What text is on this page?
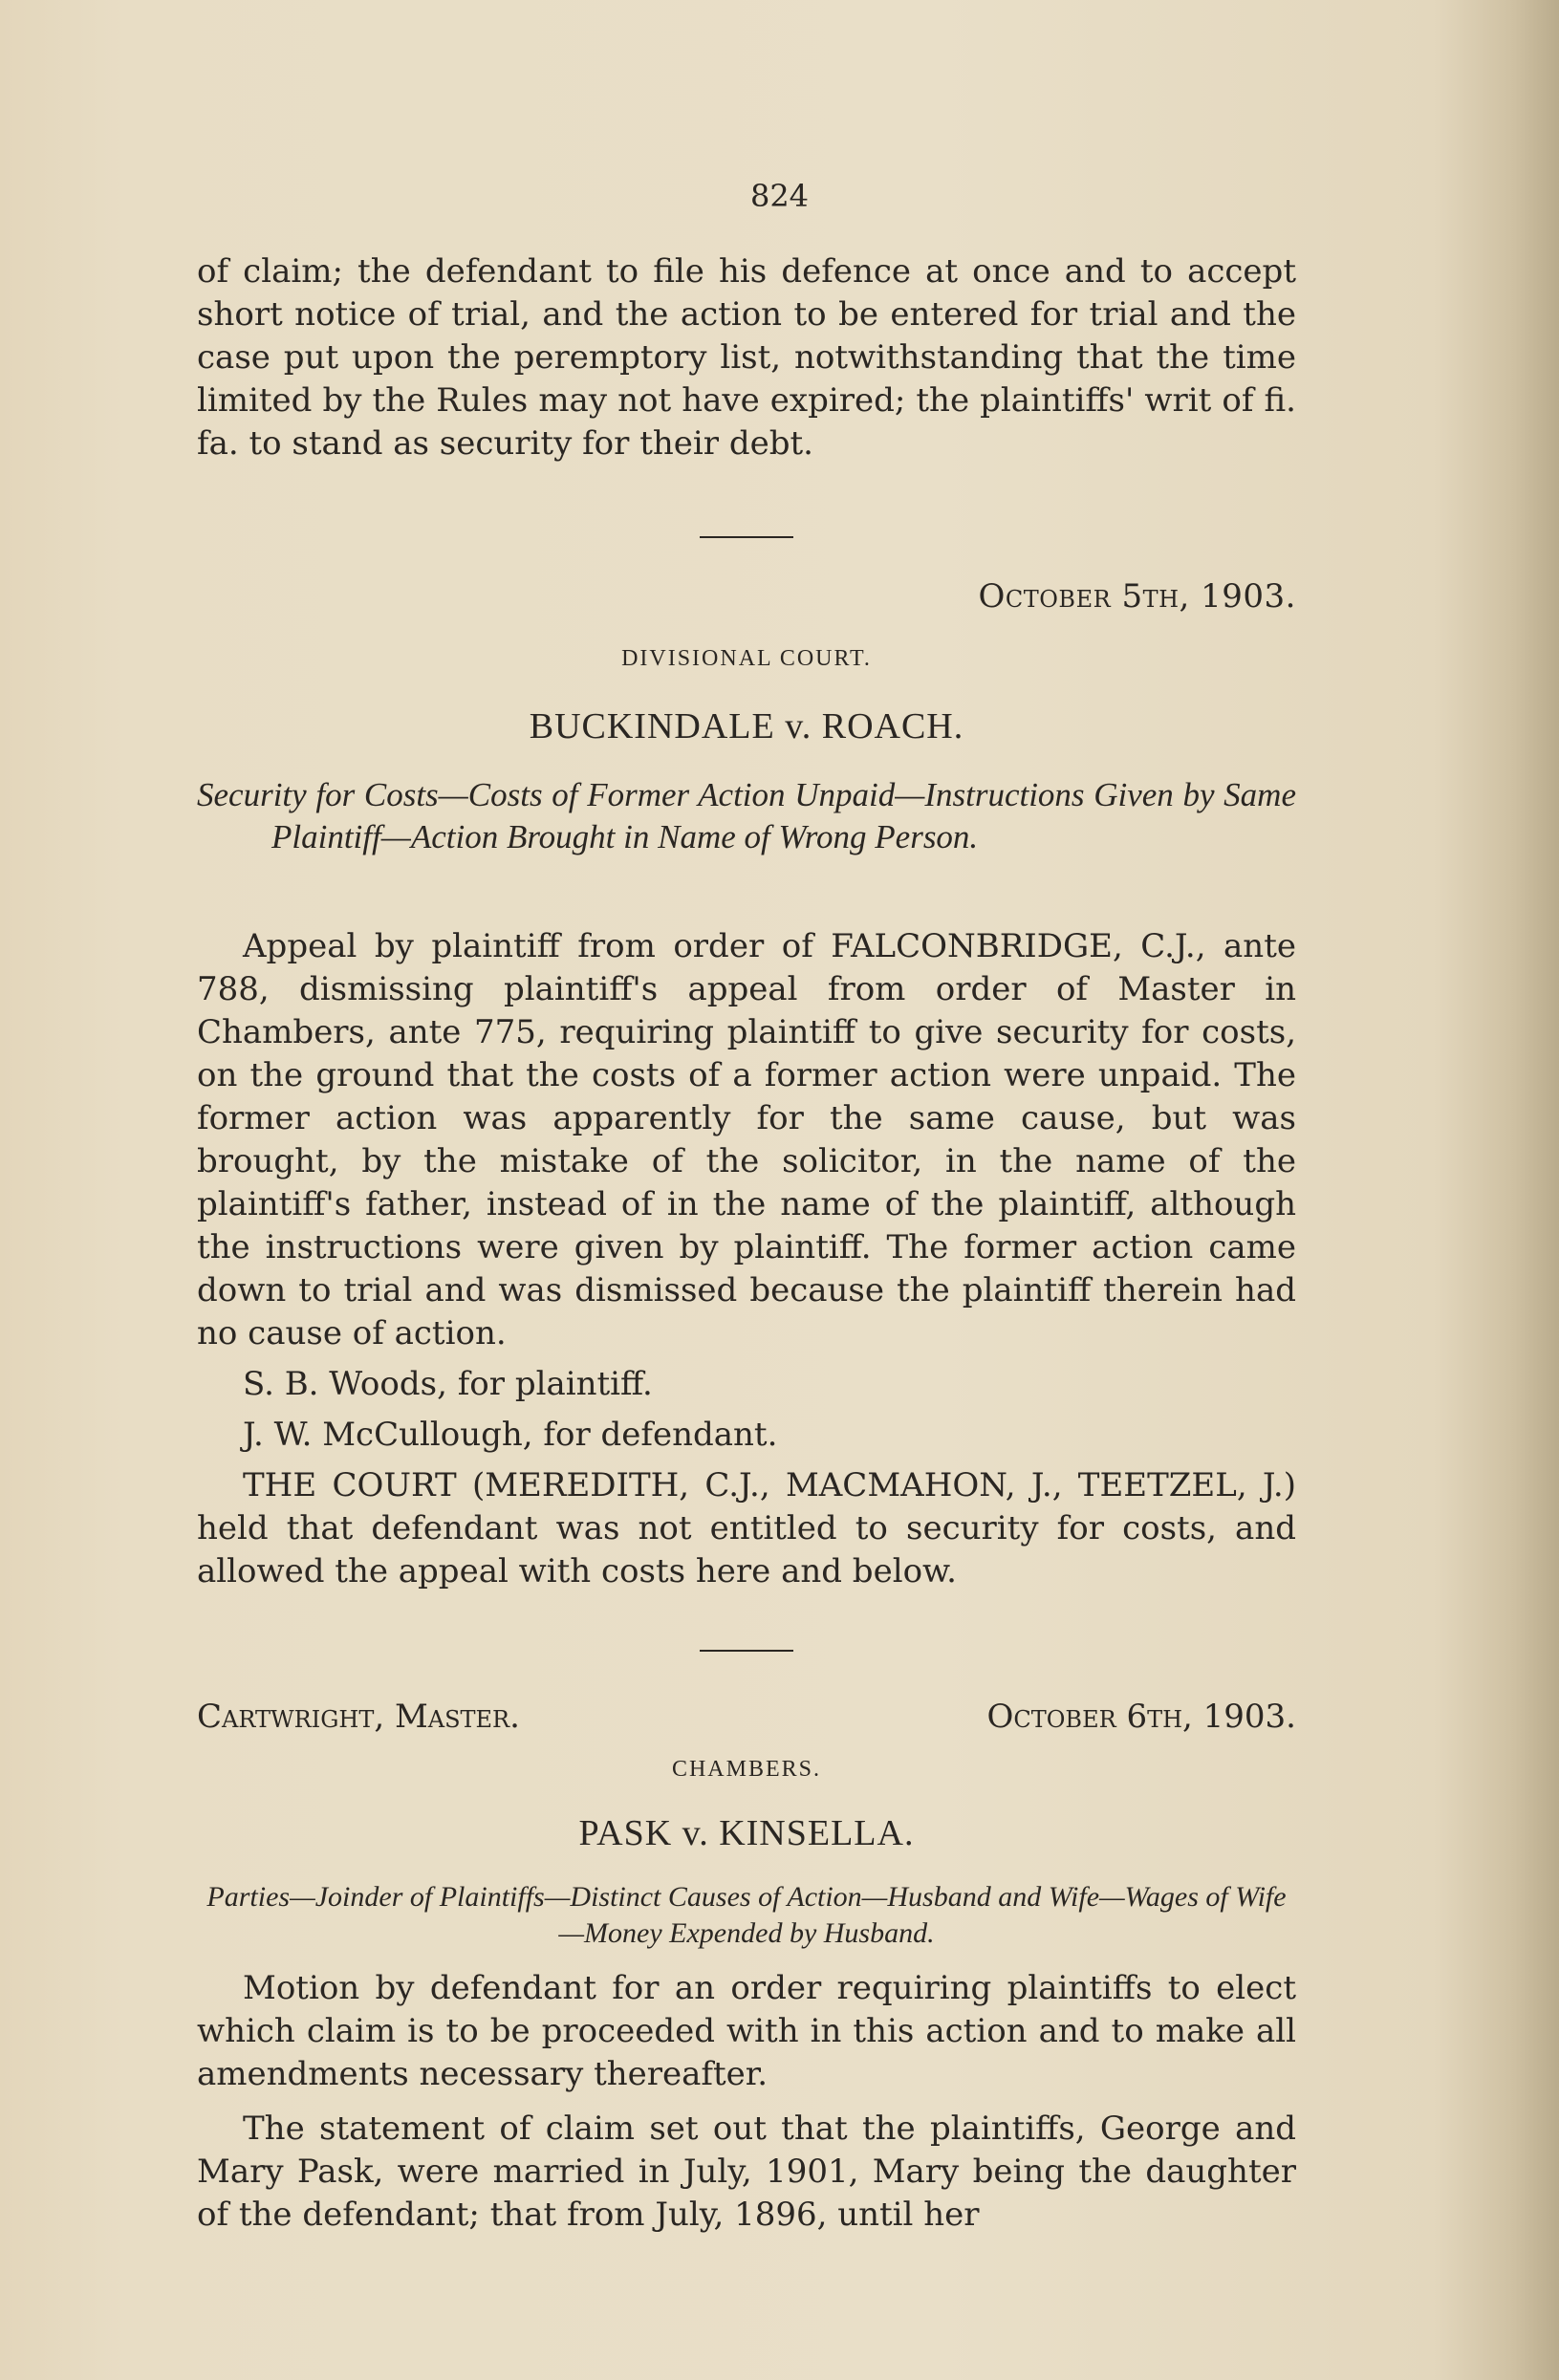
824

of claim; the defendant to file his defence at once and to accept short notice of trial, and the action to be entered for trial and the case put upon the peremptory list, notwithstanding that the time limited by the Rules may not have expired; the plaintiffs' writ of fi. fa. to stand as security for their debt.

October 5th, 1903.
DIVISIONAL COURT.
BUCKINDALE v. ROACH.
Security for Costs—Costs of Former Action Unpaid—Instructions Given by Same Plaintiff—Action Brought in Name of Wrong Person.

Appeal by plaintiff from order of FALCONBRIDGE, C.J., ante 788, dismissing plaintiff's appeal from order of Master in Chambers, ante 775, requiring plaintiff to give security for costs, on the ground that the costs of a former action were unpaid. The former action was apparently for the same cause, but was brought, by the mistake of the solicitor, in the name of the plaintiff's father, instead of in the name of the plaintiff, although the instructions were given by plaintiff. The former action came down to trial and was dismissed because the plaintiff therein had no cause of action.

S. B. Woods, for plaintiff.

J. W. McCullough, for defendant.

THE COURT (MEREDITH, C.J., MACMAHON, J., TEETZEL, J.) held that defendant was not entitled to security for costs, and allowed the appeal with costs here and below.

Cartwright, Master.	October 6th, 1903.
CHAMBERS.
PASK v. KINSELLA.
Parties—Joinder of Plaintiffs—Distinct Causes of Action—Husband and Wife—Wages of Wife—Money Expended by Husband.

Motion by defendant for an order requiring plaintiffs to elect which claim is to be proceeded with in this action and to make all amendments necessary thereafter.

The statement of claim set out that the plaintiffs, George and Mary Pask, were married in July, 1901, Mary being the daughter of the defendant; that from July, 1896, until her
